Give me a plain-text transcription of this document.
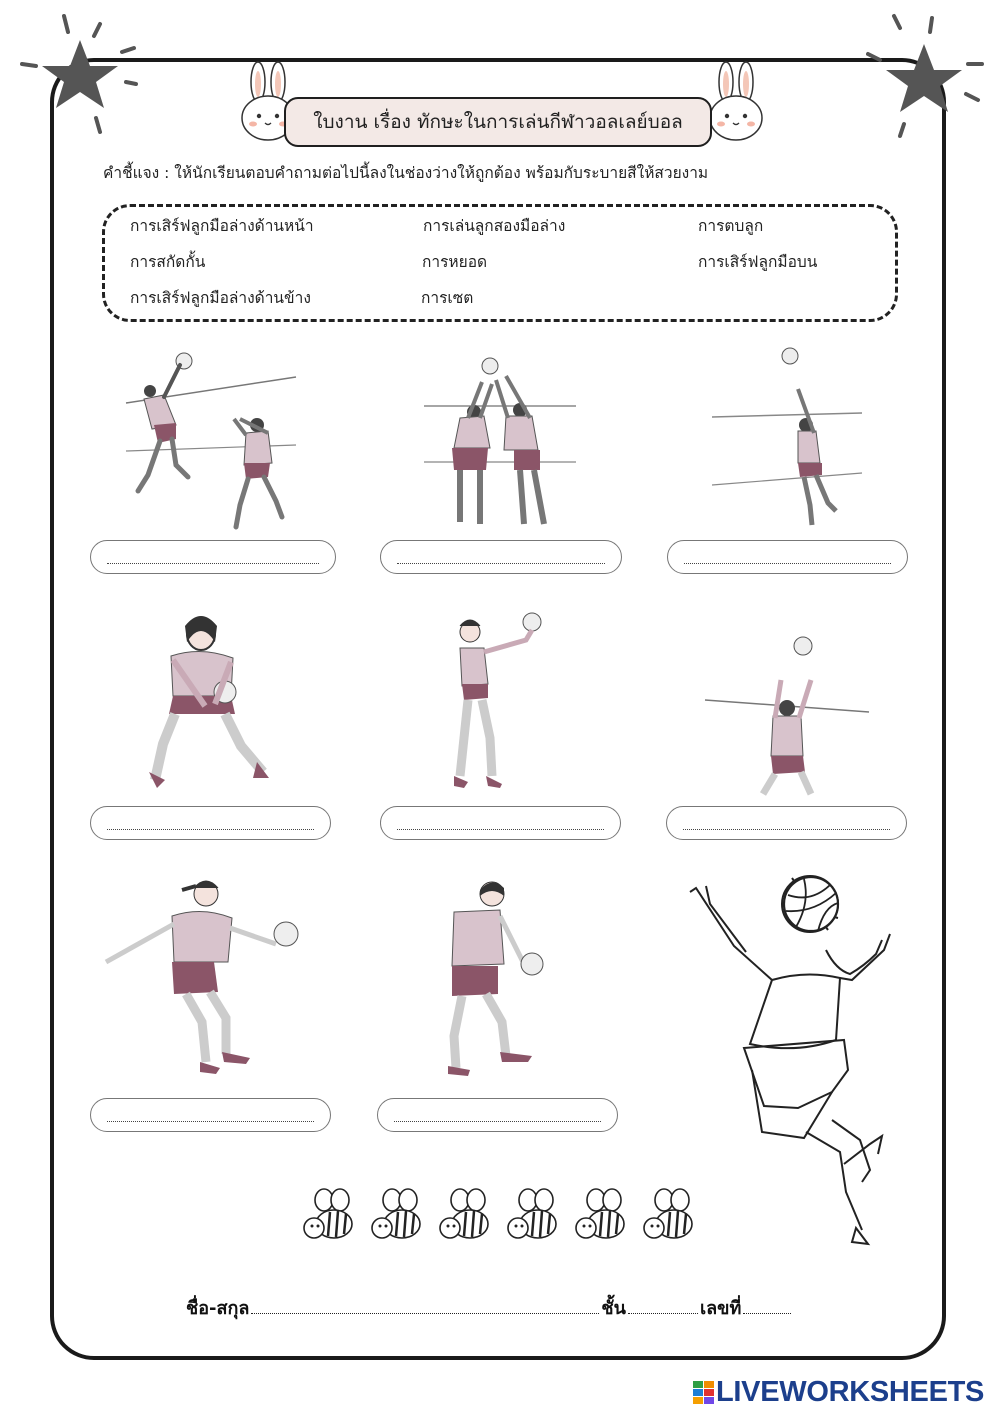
ใบงาน เรื่อง ทักษะในการเล่นกีฬาวอลเลย์บอล
คำชี้แจง : ให้นักเรียนตอบคำถามต่อไปนี้ลงในช่องว่างให้ถูกต้อง พร้อมกับระบายสีให้สวยงาม
การเสิร์ฟลูกมือล่างด้านหน้า	การเล่นลูกสองมือล่าง	การตบลูก
การสกัดกั้น	การหยอด	การเสิร์ฟลูกมือบน
การเสิร์ฟลูกมือล่างด้านข้าง	การเซต
ชื่อ-สกุล	ชั้น	เลขที่
LIVEWORKSHEETS
